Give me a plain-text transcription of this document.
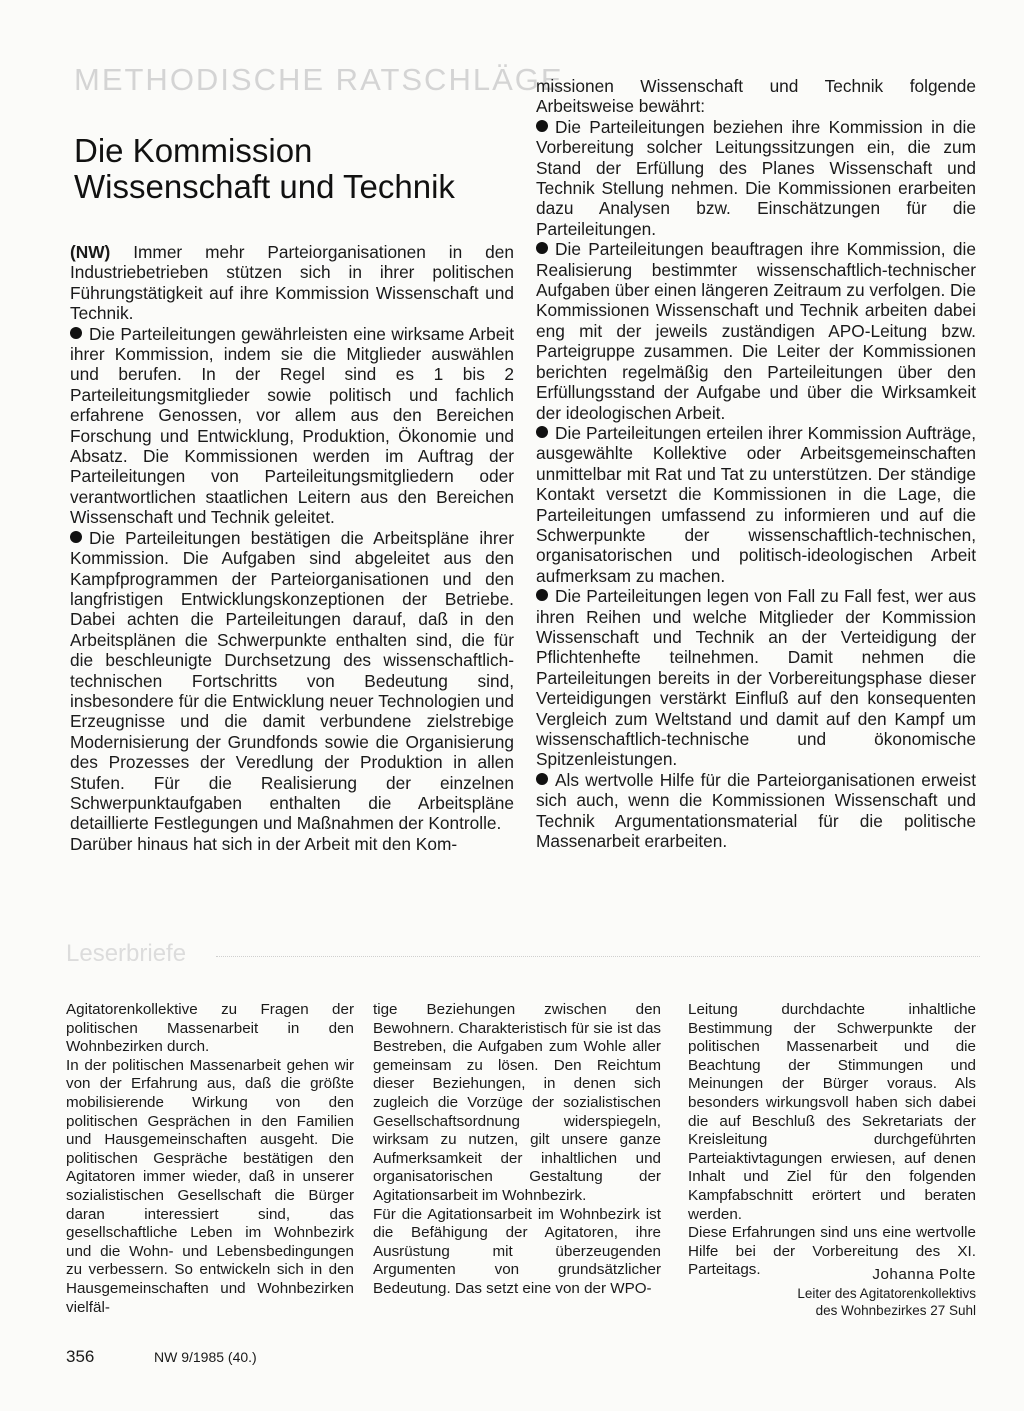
METHODISCHE RATSCHLÄGE
Die Kommission
Wissenschaft und Technik

(NW) Immer mehr Parteiorganisationen in den Industriebetrieben stützen sich in ihrer politischen Führungstätigkeit auf ihre Kommission Wissenschaft und Technik.

Die Parteileitungen gewährleisten eine wirksame Arbeit ihrer Kommission, indem sie die Mitglieder auswählen und berufen. In der Regel sind es 1 bis 2 Parteileitungsmitglieder sowie politisch und fachlich erfahrene Genossen, vor allem aus den Bereichen Forschung und Entwicklung, Produktion, Ökonomie und Absatz. Die Kommissionen werden im Auftrag der Parteileitungen von Parteileitungsmitgliedern oder verantwortlichen staatlichen Leitern aus den Bereichen Wissenschaft und Technik geleitet.

Die Parteileitungen bestätigen die Arbeitspläne ihrer Kommission. Die Aufgaben sind abgeleitet aus den Kampfprogrammen der Parteiorganisationen und den langfristigen Entwicklungskonzeptionen der Betriebe. Dabei achten die Parteileitungen darauf, daß in den Arbeitsplänen die Schwerpunkte enthalten sind, die für die beschleunigte Durchsetzung des wissenschaftlich-technischen Fortschritts von Bedeutung sind, insbesondere für die Entwicklung neuer Technologien und Erzeugnisse und die damit verbundene zielstrebige Modernisierung der Grundfonds sowie die Organisierung des Prozesses der Veredlung der Produktion in allen Stufen. Für die Realisierung der einzelnen Schwerpunktaufgaben enthalten die Arbeitspläne detaillierte Festlegungen und Maßnahmen der Kontrolle.

Darüber hinaus hat sich in der Arbeit mit den Kom-

missionen Wissenschaft und Technik folgende Arbeitsweise bewährt:

Die Parteileitungen beziehen ihre Kommission in die Vorbereitung solcher Leitungssitzungen ein, die zum Stand der Erfüllung des Planes Wissenschaft und Technik Stellung nehmen. Die Kommissionen erarbeiten dazu Analysen bzw. Einschätzungen für die Parteileitungen.

Die Parteileitungen beauftragen ihre Kommission, die Realisierung bestimmter wissenschaftlich-technischer Aufgaben über einen längeren Zeitraum zu verfolgen. Die Kommissionen Wissenschaft und Technik arbeiten dabei eng mit der jeweils zuständigen APO-Leitung bzw. Parteigruppe zusammen. Die Leiter der Kommissionen berichten regelmäßig den Parteileitungen über den Erfüllungsstand der Aufgabe und über die Wirksamkeit der ideologischen Arbeit.

Die Parteileitungen erteilen ihrer Kommission Aufträge, ausgewählte Kollektive oder Arbeitsgemeinschaften unmittelbar mit Rat und Tat zu unterstützen. Der ständige Kontakt versetzt die Kommissionen in die Lage, die Parteileitungen umfassend zu informieren und auf die Schwerpunkte der wissenschaftlich-technischen, organisatorischen und politisch-ideologischen Arbeit aufmerksam zu machen.

Die Parteileitungen legen von Fall zu Fall fest, wer aus ihren Reihen und welche Mitglieder der Kommission Wissenschaft und Technik an der Verteidigung der Pflichtenhefte teilnehmen. Damit nehmen die Parteileitungen bereits in der Vorbereitungsphase dieser Verteidigungen verstärkt Einfluß auf den konsequenten Vergleich zum Weltstand und damit auf den Kampf um wissenschaftlich-technische und ökonomische Spitzenleistungen.

Als wertvolle Hilfe für die Parteiorganisationen erweist sich auch, wenn die Kommissionen Wissenschaft und Technik Argumentationsmaterial für die politische Massenarbeit erarbeiten.

Leserbriefe

Agitatorenkollektive zu Fragen der politischen Massenarbeit in den Wohnbezirken durch.

In der politischen Massenarbeit gehen wir von der Erfahrung aus, daß die größte mobilisierende Wirkung von den politischen Gesprächen in den Familien und Hausgemeinschaften ausgeht. Die politischen Gespräche bestätigen den Agitatoren immer wieder, daß in unserer sozialistischen Gesellschaft die Bürger daran interessiert sind, das gesellschaftliche Leben im Wohnbezirk und die Wohn- und Lebensbedingungen zu verbessern. So entwickeln sich in den Hausgemeinschaften und Wohnbezirken vielfäl-

tige Beziehungen zwischen den Bewohnern. Charakteristisch für sie ist das Bestreben, die Aufgaben zum Wohle aller gemeinsam zu lösen. Den Reichtum dieser Beziehungen, in denen sich zugleich die Vorzüge der sozialistischen Gesellschaftsordnung widerspiegeln, wirksam zu nutzen, gilt unsere ganze Aufmerksamkeit der inhaltlichen und organisatorischen Gestaltung der Agitationsarbeit im Wohnbezirk.

Für die Agitationsarbeit im Wohnbezirk ist die Befähigung der Agitatoren, ihre Ausrüstung mit überzeugenden Argumenten von grundsätzlicher Bedeutung. Das setzt eine von der WPO-

Leitung durchdachte inhaltliche Bestimmung der Schwerpunkte der politischen Massenarbeit und die Beachtung der Stimmungen und Meinungen der Bürger voraus. Als besonders wirkungsvoll haben sich dabei die auf Beschluß des Sekretariats der Kreisleitung durchgeführten Parteiaktivtagungen erwiesen, auf denen Inhalt und Ziel für den folgenden Kampfabschnitt erörtert und beraten werden.

Diese Erfahrungen sind uns eine wertvolle Hilfe bei der Vorbereitung des XI. Parteitags.	Johanna Polte
Leiter des Agitatorenkollektivs
des Wohnbezirkes 27 Suhl
356	NW 9/1985 (40.)
